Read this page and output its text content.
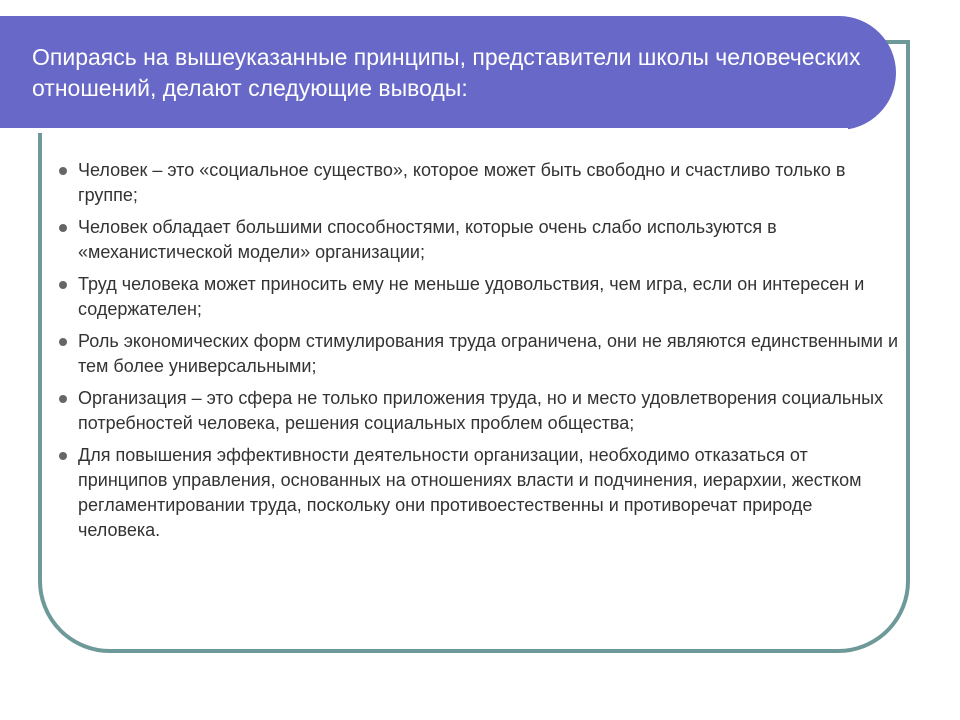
Опираясь на вышеуказанные принципы, представители школы человеческих отношений, делают следующие выводы:
Человек – это «социальное существо», которое может быть свободно и счастливо только в группе;
Человек обладает большими способностями, которые очень слабо используются в «механистической модели» организации;
Труд человека может приносить ему не меньше удовольствия, чем игра, если он интересен и содержателен;
Роль экономических форм стимулирования труда ограничена, они не являются единственными и тем более универсальными;
Организация – это сфера не только приложения труда, но и место удовлетворения социальных потребностей человека, решения социальных проблем общества;
Для повышения эффективности деятельности организации, необходимо отказаться от принципов управления, основанных на отношениях власти и подчинения, иерархии, жестком регламентировании труда, поскольку они противоестественны и противоречат природе человека.
